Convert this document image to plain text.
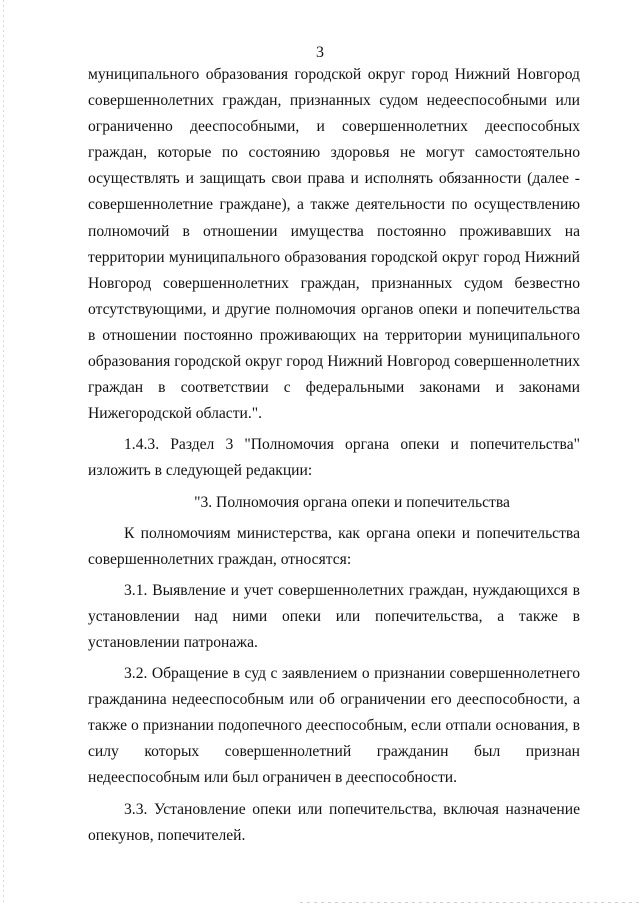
3

муниципального образования городской округ город Нижний Новгород совершеннолетних граждан, признанных судом недееспособными или ограниченно дееспособными, и совершеннолетних дееспособных граждан, которые по состоянию здоровья не могут самостоятельно осуществлять и защищать свои права и исполнять обязанности (далее - совершеннолетние граждане), а также деятельности по осуществлению полномочий в отношении имущества постоянно проживавших на территории муниципального образования городской округ город Нижний Новгород совершеннолетних граждан, признанных судом безвестно отсутствующими, и другие полномочия органов опеки и попечительства в отношении постоянно проживающих на территории муниципального образования городской округ город Нижний Новгород совершеннолетних граждан в соответствии с федеральными законами и законами Нижегородской области.".

1.4.3. Раздел 3 "Полномочия органа опеки и попечительства" изложить в следующей редакции:

"3. Полномочия органа опеки и попечительства

К полномочиям министерства, как органа опеки и попечительства совершеннолетних граждан, относятся:

3.1. Выявление и учет совершеннолетних граждан, нуждающихся в установлении над ними опеки или попечительства, а также в установлении патронажа.

3.2. Обращение в суд с заявлением о признании совершеннолетнего гражданина недееспособным или об ограничении его дееспособности, а также о признании подопечного дееспособным, если отпали основания, в силу которых совершеннолетний гражданин был признан недееспособным или был ограничен в дееспособности.

3.3. Установление опеки или попечительства, включая назначение опекунов, попечителей.
